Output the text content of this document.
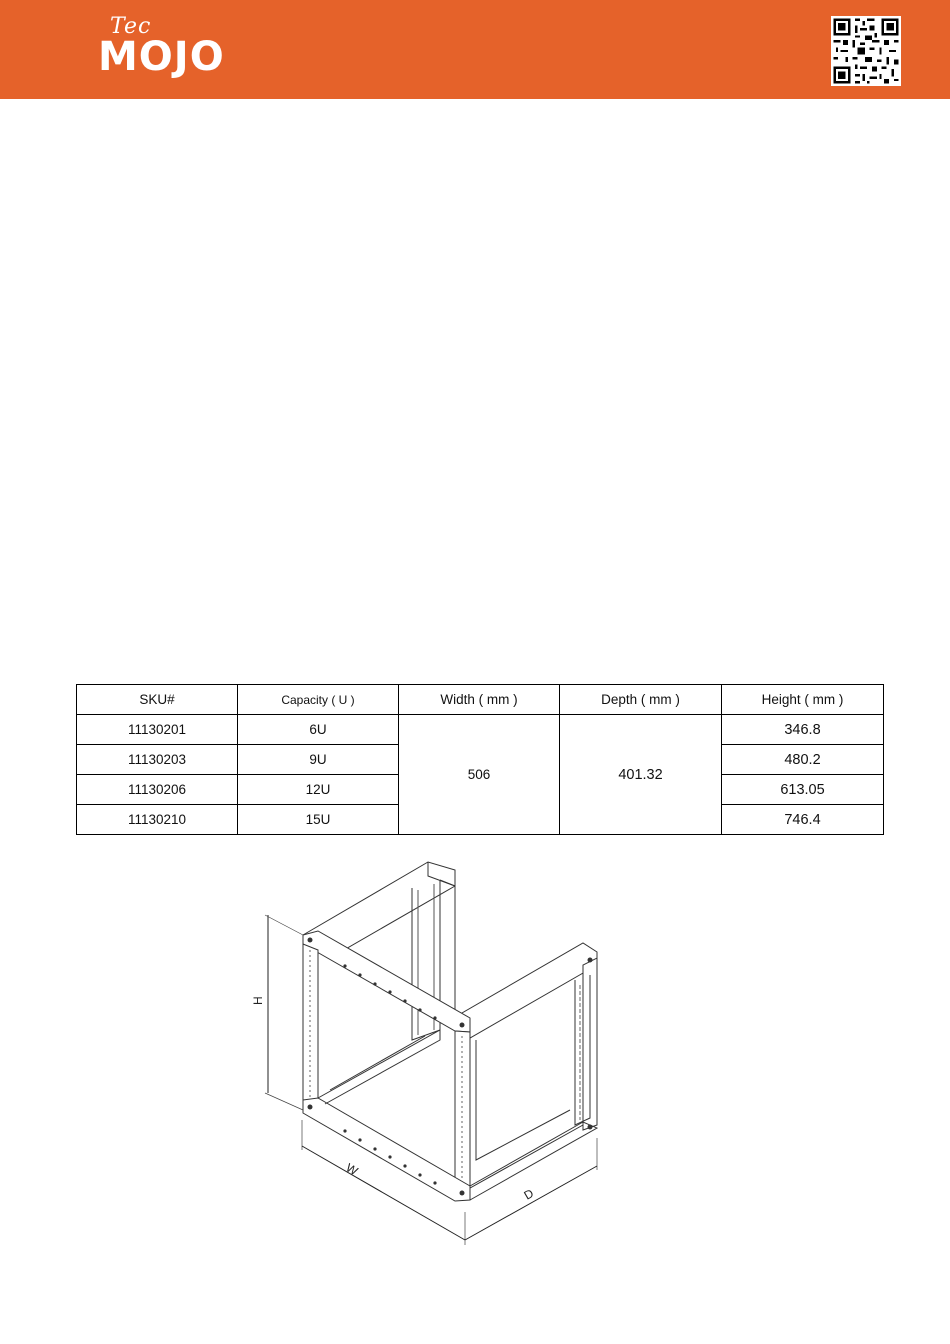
Tec
MOJO
SKU#	Capacity ( U )	Width ( mm )	Depth ( mm )	Height ( mm )
11130201	6U	506	401.32	346.8
11130203	9U			480.2
11130206	12U			613.05
11130210	15U			746.4
H
W
D
